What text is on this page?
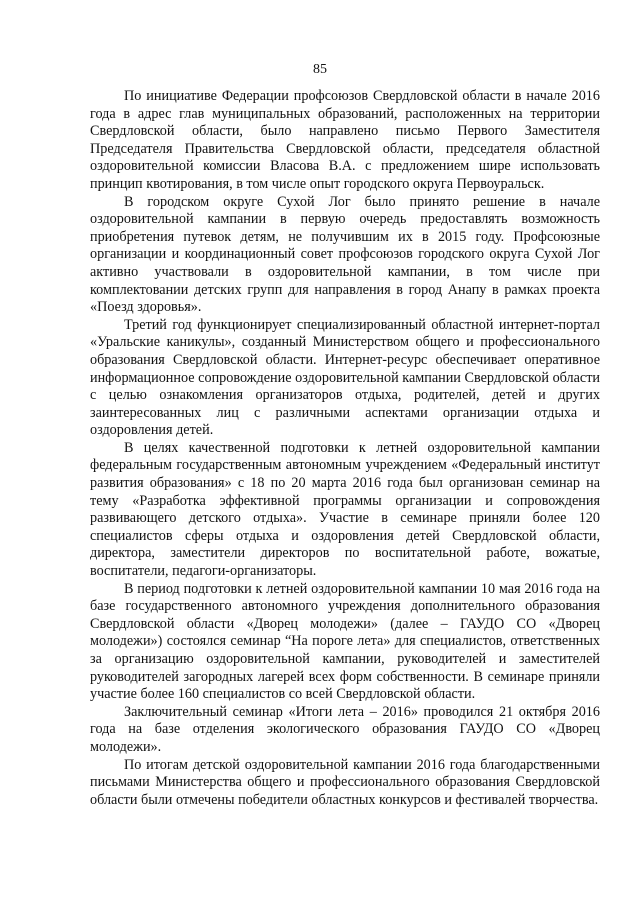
85

По инициативе Федерации профсоюзов Свердловской области в начале 2016 года в адрес глав муниципальных образований, расположенных на территории Свердловской области, было направлено письмо Первого Заместителя Председателя Правительства Свердловской области, председателя областной оздоровительной комиссии Власова В.А. с предложением шире использовать принцип квотирования, в том числе опыт городского округа Первоуральск.

В городском округе Сухой Лог было принято решение в начале оздоровительной кампании в первую очередь предоставлять возможность приобретения путевок детям, не получившим их в 2015 году. Профсоюзные организации и координационный совет профсоюзов городского округа Сухой Лог активно участвовали в оздоровительной кампании, в том числе при комплектовании детских групп для направления в город Анапу в рамках проекта «Поезд здоровья».

Третий год функционирует специализированный областной интернет-портал «Уральские каникулы», созданный Министерством общего и профессионального образования Свердловской области. Интернет-ресурс обеспечивает оперативное информационное сопровождение оздоровительной кампании Свердловской области с целью ознакомления организаторов отдыха, родителей, детей и других заинтересованных лиц с различными аспектами организации отдыха и оздоровления детей.

В целях качественной подготовки к летней оздоровительной кампании федеральным государственным автономным учреждением «Федеральный институт развития образования» с 18 по 20 марта 2016 года был организован семинар на тему «Разработка эффективной программы организации и сопровождения развивающего детского отдыха». Участие в семинаре приняли более 120 специалистов сферы отдыха и оздоровления детей Свердловской области, директора, заместители директоров по воспитательной работе, вожатые, воспитатели, педагоги-организаторы.

В период подготовки к летней оздоровительной кампании 10 мая 2016 года на базе государственного автономного учреждения дополнительного образования Свердловской области «Дворец молодежи» (далее – ГАУДО СО «Дворец молодежи») состоялся семинар “На пороге лета» для специалистов, ответственных за организацию оздоровительной кампании, руководителей и заместителей руководителей загородных лагерей всех форм собственности. В семинаре приняли участие более 160 специалистов со всей Свердловской области.

Заключительный семинар «Итоги лета – 2016» проводился 21 октября 2016 года на базе отделения экологического образования ГАУДО СО «Дворец молодежи».

По итогам детской оздоровительной кампании 2016 года благодарственными письмами Министерства общего и профессионального образования Свердловской области были отмечены победители областных конкурсов и фестивалей творчества.
